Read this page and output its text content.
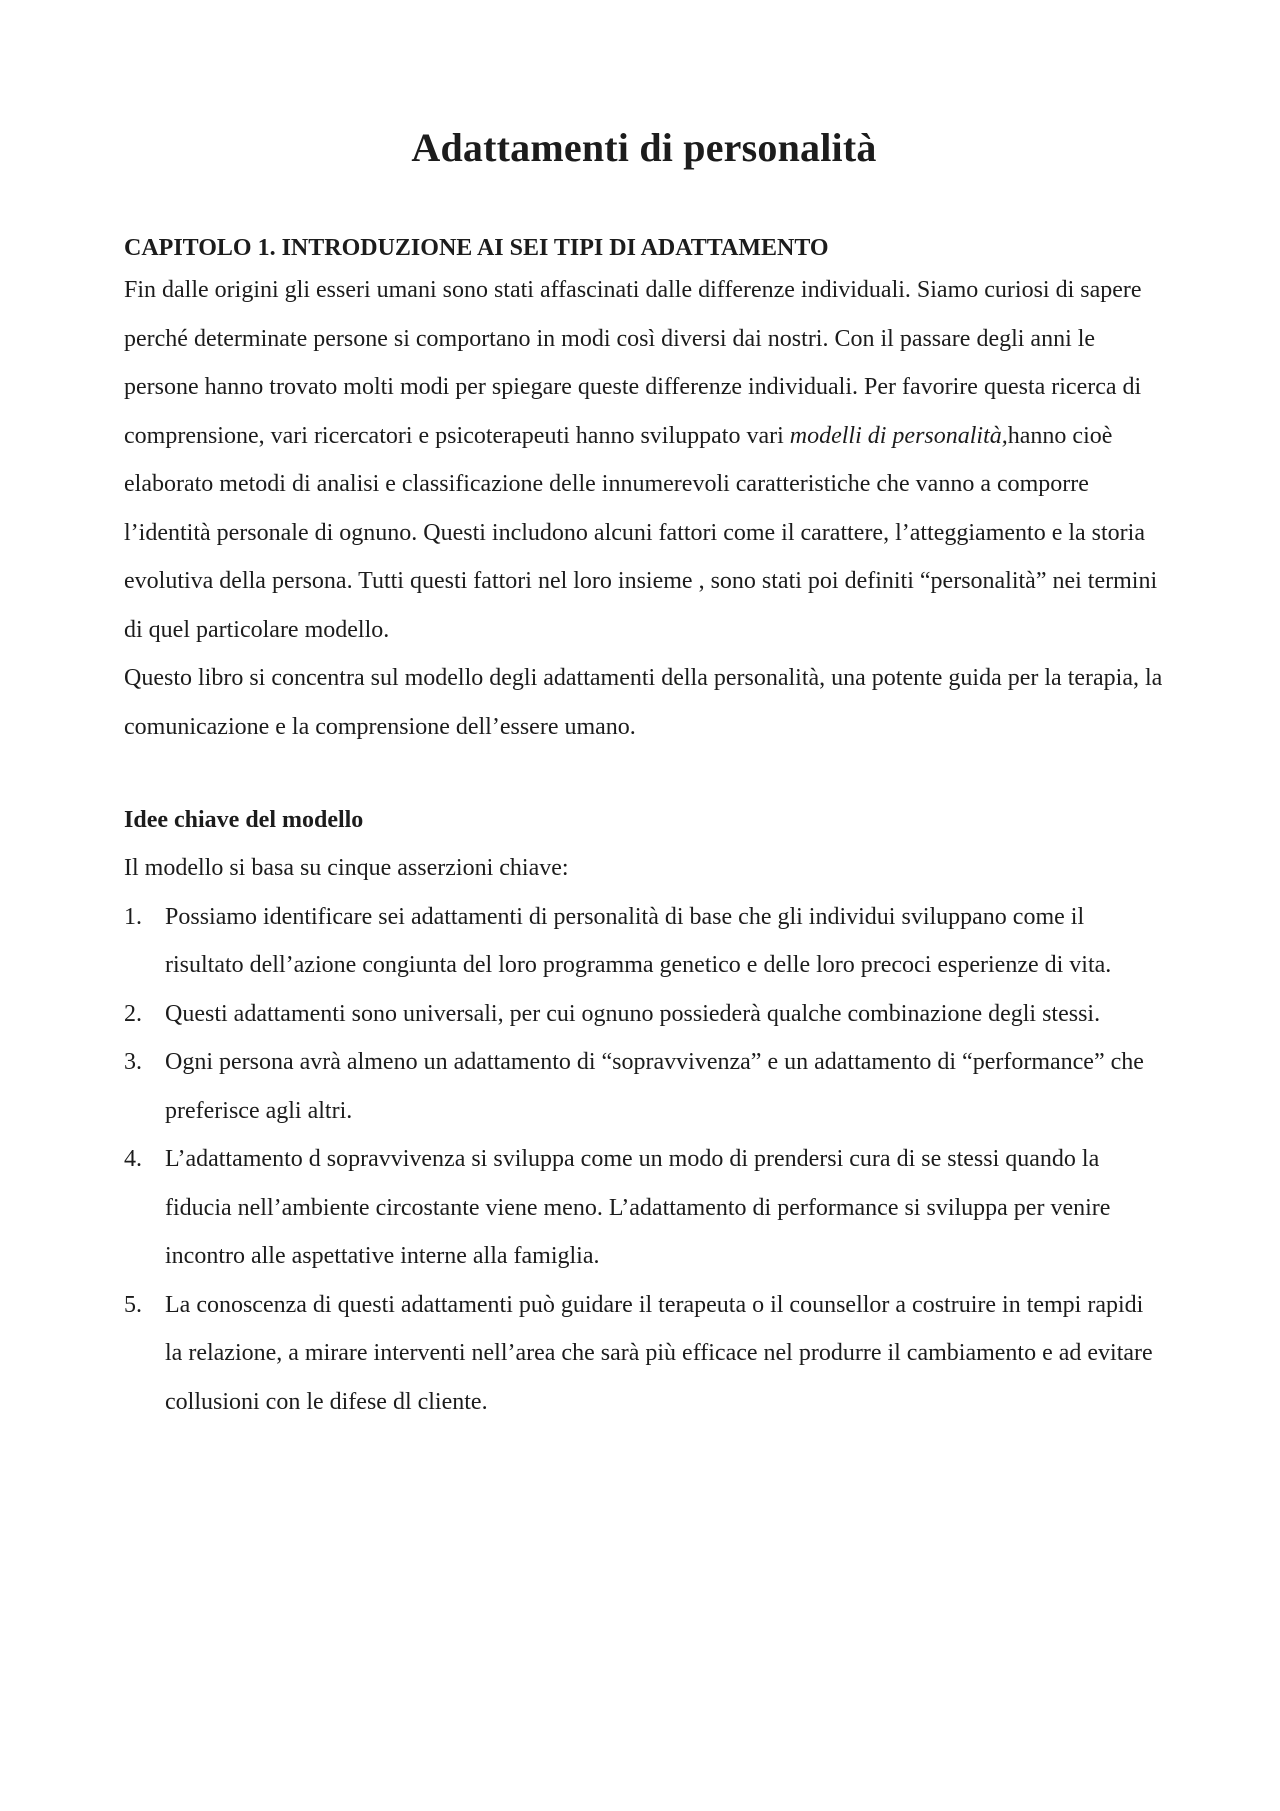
Adattamenti di personalità
CAPITOLO 1. INTRODUZIONE AI SEI TIPI DI ADATTAMENTO

Fin dalle origini gli esseri umani sono stati affascinati dalle differenze individuali. Siamo curiosi di sapere perché determinate persone si comportano in modi così diversi dai nostri. Con il passare degli anni le persone hanno trovato molti modi per spiegare queste differenze individuali. Per favorire questa ricerca di comprensione, vari ricercatori e psicoterapeuti hanno sviluppato vari modelli di personalità,hanno cioè elaborato metodi di analisi e classificazione delle innumerevoli caratteristiche che vanno a comporre l’identità personale di ognuno. Questi includono alcuni fattori come il carattere, l’atteggiamento e la storia evolutiva della persona. Tutti questi fattori nel loro insieme , sono stati poi definiti “personalità” nei termini di quel particolare modello.

Questo libro si concentra sul modello degli adattamenti della personalità, una potente guida per la terapia, la comunicazione e la comprensione dell’essere umano.

Idee chiave del modello

Il modello si basa su cinque asserzioni chiave:

1. Possiamo identificare sei adattamenti di personalità di base che gli individui sviluppano come il risultato dell’azione congiunta del loro programma genetico e delle loro precoci esperienze di vita.
2. Questi adattamenti sono universali, per cui ognuno possiederà qualche combinazione degli stessi.
3. Ogni persona avrà almeno un adattamento di “sopravvivenza” e un adattamento di “performance” che preferisce agli altri.
4. L’adattamento d sopravvivenza si sviluppa come un modo di prendersi cura di se stessi quando la fiducia nell’ambiente circostante viene meno. L’adattamento di performance si sviluppa per venire incontro alle aspettative interne alla famiglia.
5. La conoscenza di questi adattamenti può guidare il terapeuta o il counsellor a costruire in tempi rapidi la relazione, a mirare interventi nell’area che sarà più efficace nel produrre il cambiamento e ad evitare collusioni con le difese dl cliente.
